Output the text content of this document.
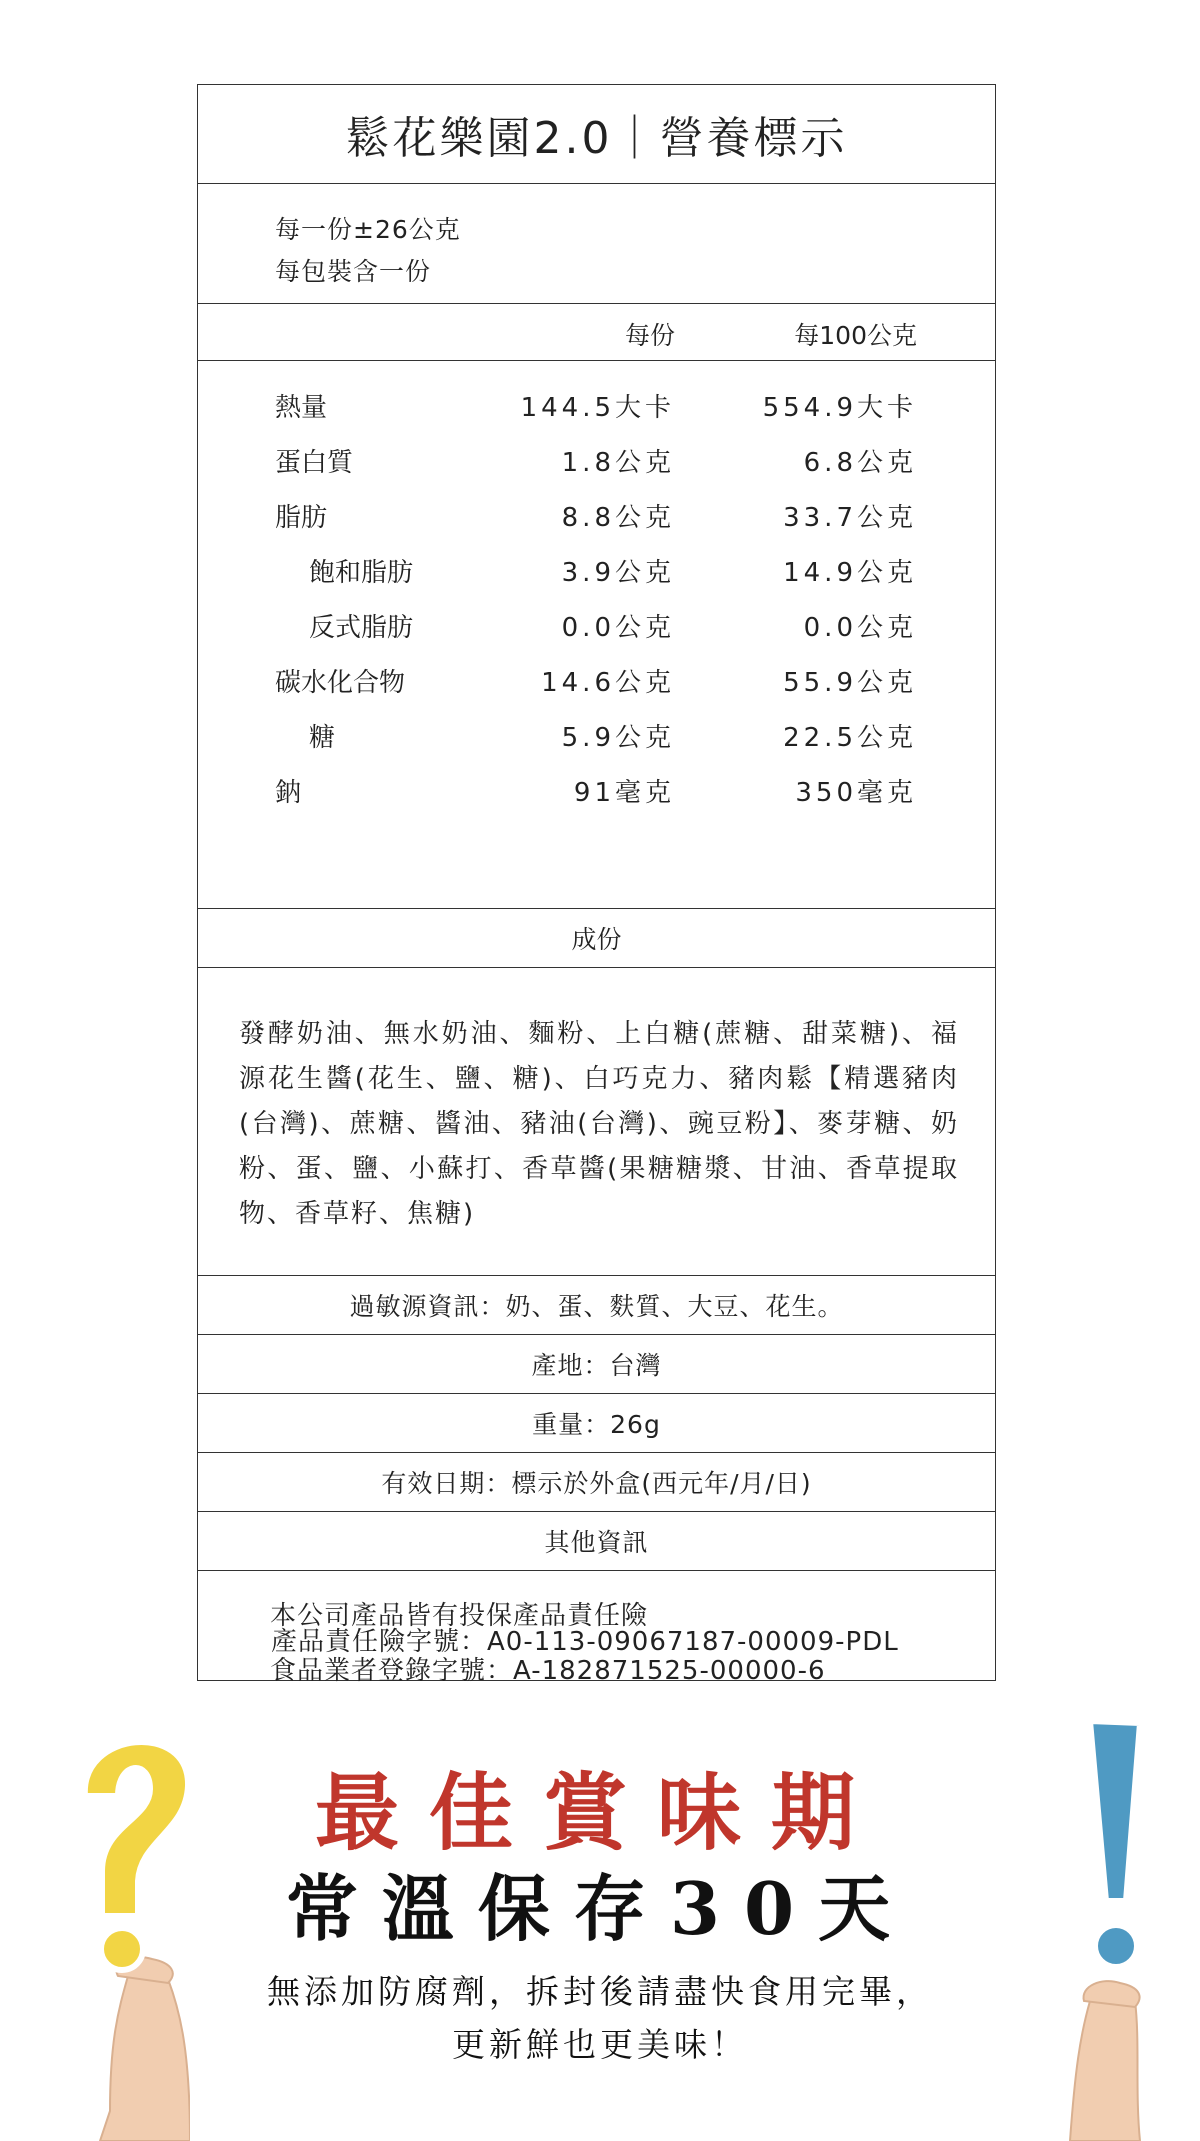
鬆花樂園2.0｜營養標示
每一份±26公克
每包裝含一份
每份	每100公克
熱量	144.5大卡	554.9大卡
蛋白質	1.8公克	6.8公克
脂肪	8.8公克	33.7公克
飽和脂肪	3.9公克	14.9公克
反式脂肪	0.0公克	0.0公克
碳水化合物	14.6公克	55.9公克
糖	5.9公克	22.5公克
鈉	91毫克	350毫克
成份
發酵奶油、無水奶油、麵粉、上白糖(蔗糖、甜菜糖)、福源花生醬(花生、鹽、糖)、白巧克力、豬肉鬆【精選豬肉(台灣)、蔗糖、醬油、豬油(台灣)、豌豆粉】、麥芽糖、奶粉、蛋、鹽、小蘇打、香草醬(果糖糖漿、甘油、香草提取物、香草籽、焦糖)
過敏源資訊：奶、蛋、麩質、大豆、花生。
產地：台灣
重量：26g
有效日期：標示於外盒(西元年/月/日)
其他資訊
本公司產品皆有投保產品責任險
食品業者登錄字號：A-182871525-00000-6
產品責任險字號：A0-113-09067187-00009-PDL
最佳賞味期
常溫保存30天
無添加防腐劑，拆封後請盡快食用完畢，
更新鮮也更美味！
